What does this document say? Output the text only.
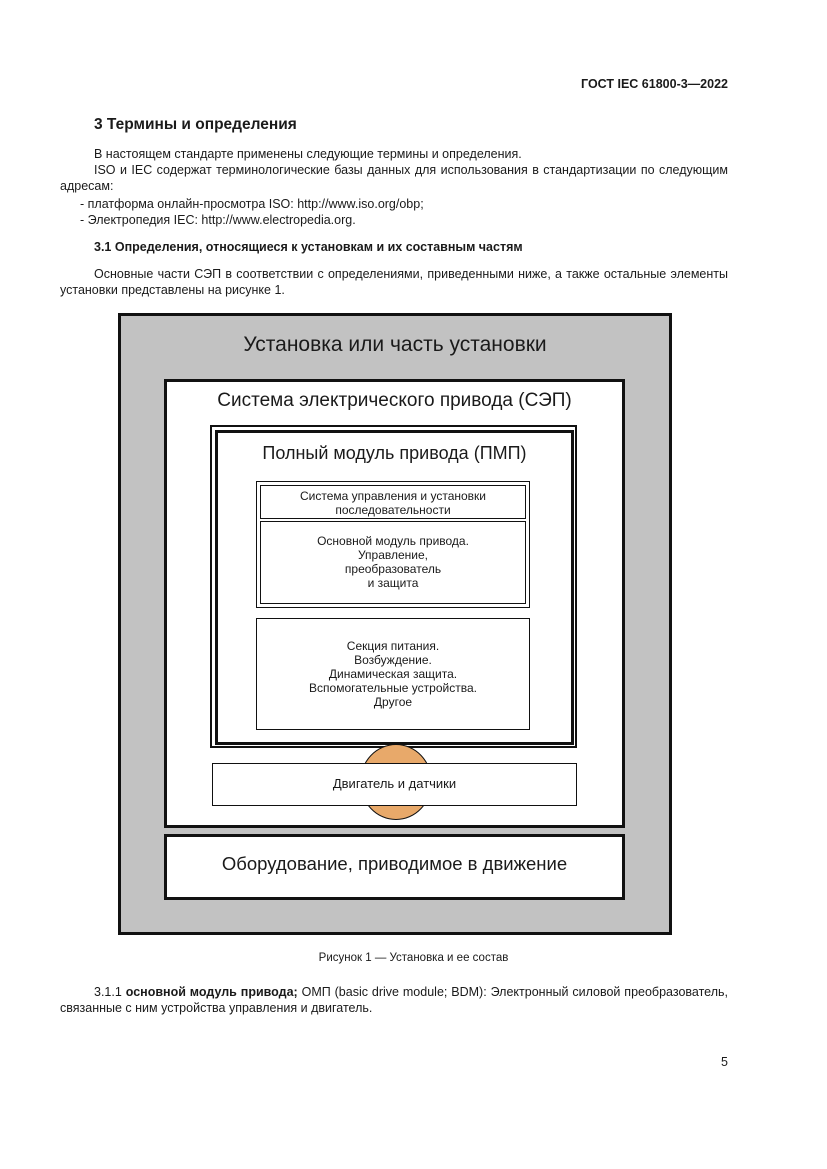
ГОСТ IEC 61800-3—2022
3 Термины и определения
В настоящем стандарте применены следующие термины и определения.
ISO и IEC содержат терминологические базы данных для использования в стандартизации по следующим адресам:
- платформа онлайн-просмотра ISO: http://www.iso.org/obp;
- Электропедия IEC: http://www.electropedia.org.
3.1 Определения, относящиеся к установкам и их составным частям
Основные части СЭП в соответствии с определениями, приведенными ниже, а также остальные элементы установки представлены на рисунке 1.
Установка или часть установки
Система электрического привода (СЭП)
Полный модуль привода (ПМП)
Система управления и установки
последовательности
Основной модуль привода.
Управление,
преобразователь
и защита
Секция питания.
Возбуждение.
Динамическая защита.
Вспомогательные устройства.
Другое
Двигатель и датчики
Оборудование, приводимое в движение
Рисунок 1 — Установка и ее состав
3.1.1 основной модуль привода; ОМП (basic drive module; BDM): Электронный силовой преобразователь, связанные с ним устройства управления и двигатель.
5
